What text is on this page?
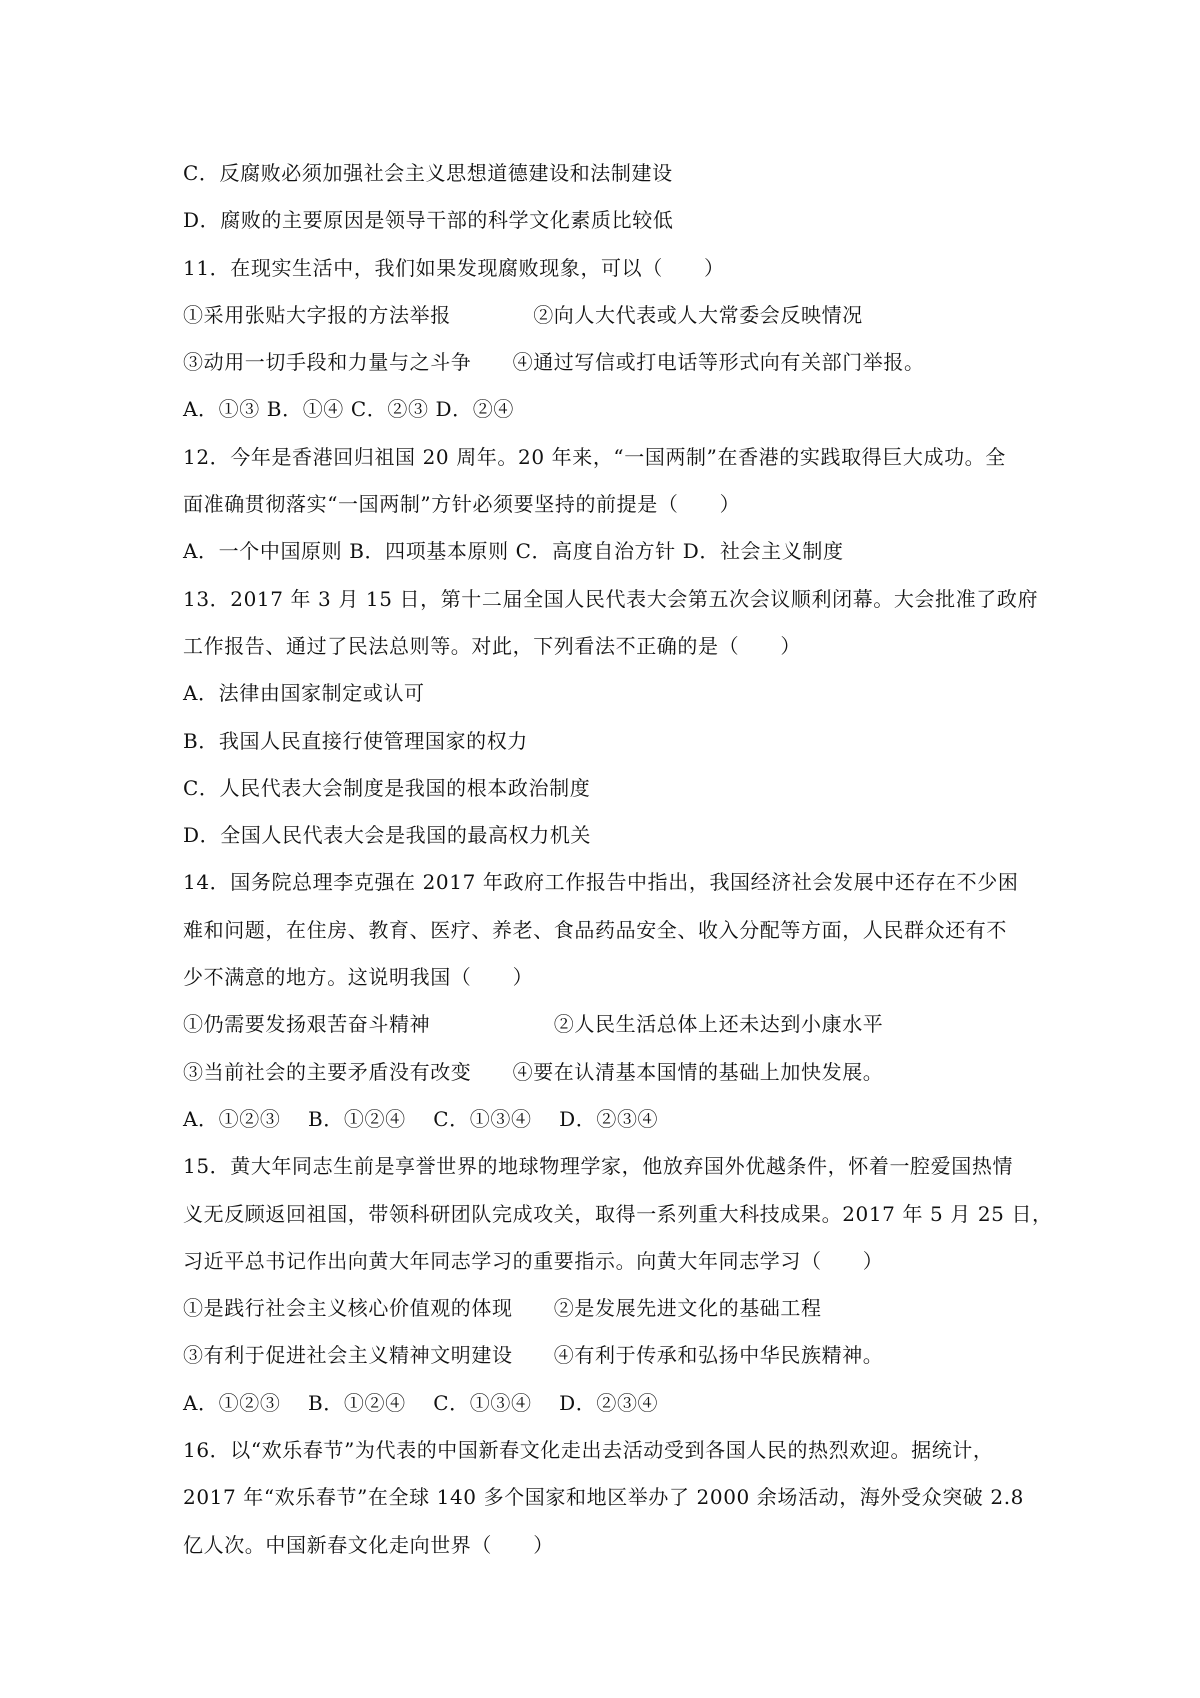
C．反腐败必须加强社会主义思想道德建设和法制建设
D．腐败的主要原因是领导干部的科学文化素质比较低
11．在现实生活中，我们如果发现腐败现象，可以（　　）
①采用张贴大字报的方法举报　　　　②向人大代表或人大常委会反映情况
③动用一切手段和力量与之斗争　　④通过写信或打电话等形式向有关部门举报。
A．①③ B．①④ C．②③ D．②④
12．今年是香港回归祖国 20 周年。20 年来，“一国两制”在香港的实践取得巨大成功。全
面准确贯彻落实“一国两制”方针必须要坚持的前提是（　　）
A．一个中国原则 B．四项基本原则 C．高度自治方针 D．社会主义制度
13．2017 年 3 月 15 日，第十二届全国人民代表大会第五次会议顺利闭幕。大会批准了政府
工作报告、通过了民法总则等。对此，下列看法不正确的是（　　）
A．法律由国家制定或认可
B．我国人民直接行使管理国家的权力
C．人民代表大会制度是我国的根本政治制度
D．全国人民代表大会是我国的最高权力机关
14．国务院总理李克强在 2017 年政府工作报告中指出，我国经济社会发展中还存在不少困
难和问题，在住房、教育、医疗、养老、食品药品安全、收入分配等方面，人民群众还有不
少不满意的地方。这说明我国（　　）
①仍需要发扬艰苦奋斗精神　　　　　　②人民生活总体上还未达到小康水平
③当前社会的主要矛盾没有改变　　④要在认清基本国情的基础上加快发展。
A．①②③　 B．①②④　 C．①③④　 D．②③④
15．黄大年同志生前是享誉世界的地球物理学家，他放弃国外优越条件，怀着一腔爱国热情
义无反顾返回祖国，带领科研团队完成攻关，取得一系列重大科技成果。2017 年 5 月 25 日，
习近平总书记作出向黄大年同志学习的重要指示。向黄大年同志学习（　　）
①是践行社会主义核心价值观的体现　　②是发展先进文化的基础工程
③有利于促进社会主义精神文明建设　　④有利于传承和弘扬中华民族精神。
A．①②③　 B．①②④　 C．①③④　 D．②③④
16．以“欢乐春节”为代表的中国新春文化走出去活动受到各国人民的热烈欢迎。据统计，
2017 年“欢乐春节”在全球 140 多个国家和地区举办了 2000 余场活动，海外受众突破 2.8
亿人次。中国新春文化走向世界（　　）
